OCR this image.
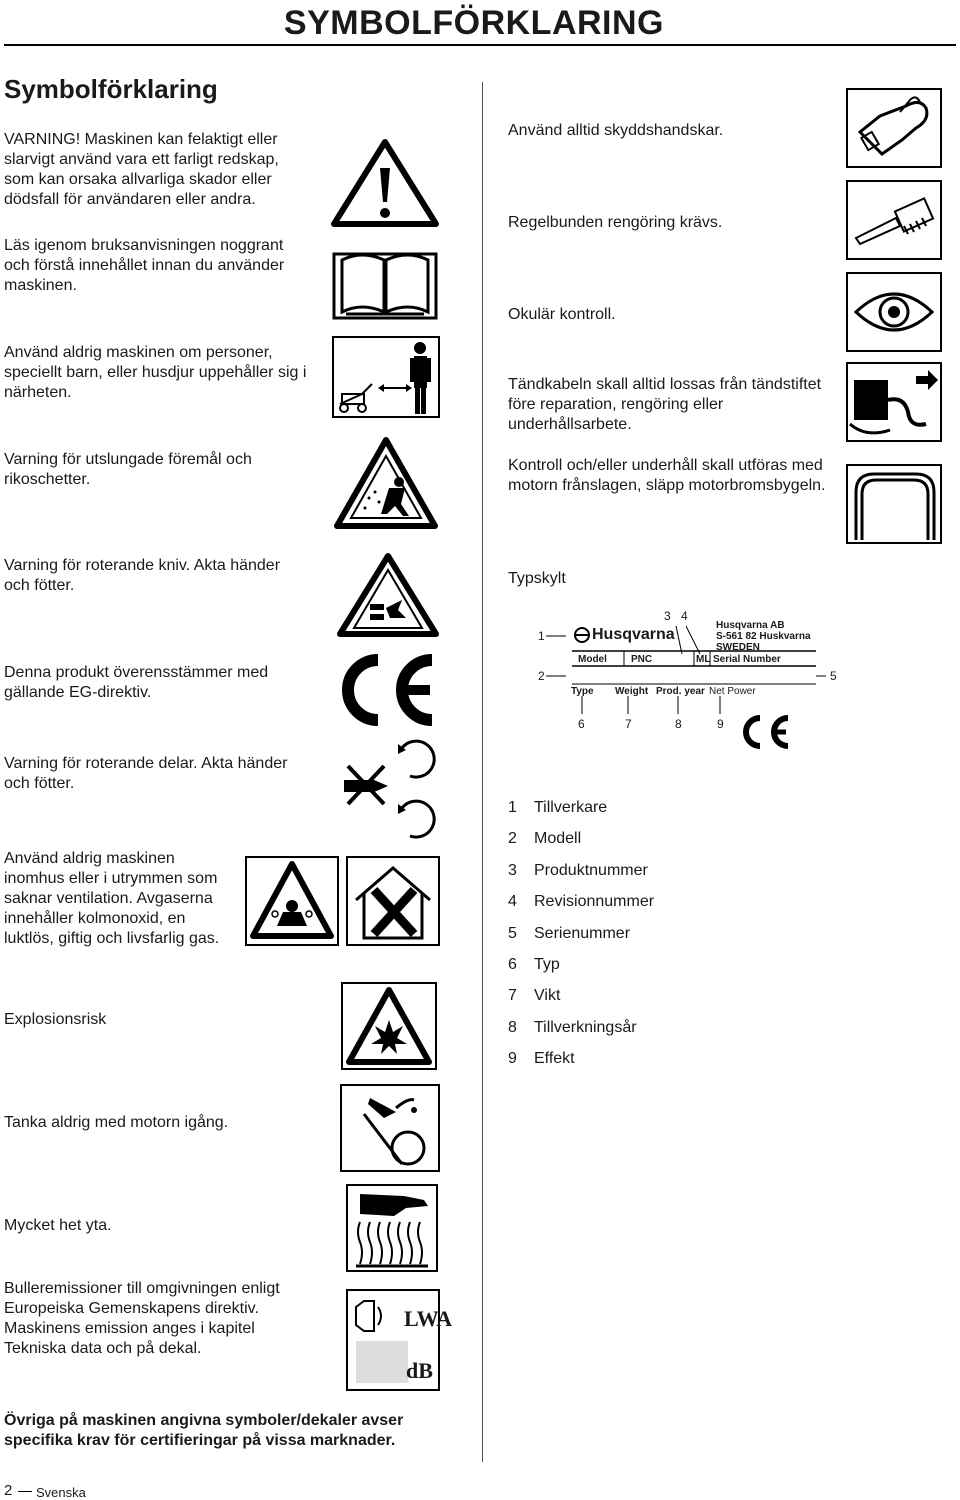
SYMBOLFÖRKLARING
Symbolförklaring
VARNING! Maskinen kan felaktigt eller slarvigt använd vara ett farligt redskap, som kan orsaka allvarliga skador eller dödsfall för användaren eller andra.
Läs igenom bruksanvisningen noggrant och förstå innehållet innan du använder maskinen.
Använd aldrig maskinen om personer, speciellt barn, eller husdjur uppehåller sig i närheten.
Varning för utslungade föremål och rikoschetter.
Varning för roterande kniv. Akta händer och fötter.
Denna produkt överensstämmer med gällande EG-direktiv.
Varning för roterande delar. Akta händer och fötter.
Använd aldrig maskinen inomhus eller i utrymmen som saknar ventilation. Avgaserna innehåller kolmonoxid, en luktlös, giftig och livsfarlig gas.
Explosionsrisk
Tanka aldrig med motorn igång.
Mycket het yta.
Bulleremissioner till omgivningen enligt Europeiska Gemenskapens direktiv. Maskinens emission anges i kapitel Tekniska data och på dekal.
Övriga på maskinen angivna symboler/dekaler avser specifika krav för certifieringar på vissa marknader.
Använd alltid skyddshandskar.
Regelbunden rengöring krävs.
Okulär kontroll.
Tändkabeln skall alltid lossas från tändstiftet före reparation, rengöring eller underhållsarbete.
Kontroll och/eller underhåll skall utföras med motorn frånslagen, släpp motorbromsbygeln.
Typskylt
LWA
dB
Husqvarna
Husqvarna AB
S-561 82 Huskvarna
SWEDEN
Model PNC	ML Serial Number
Type Weight Prod. year Net Power
1
2
3 4
5
6	7	8	9
1 Tillverkare
2 Modell
3 Produktnummer
4 Revisionnummer
5 Serienummer
6 Typ
7 Vikt
8 Tillverkningsår
9 Effekt
2 Svenska
